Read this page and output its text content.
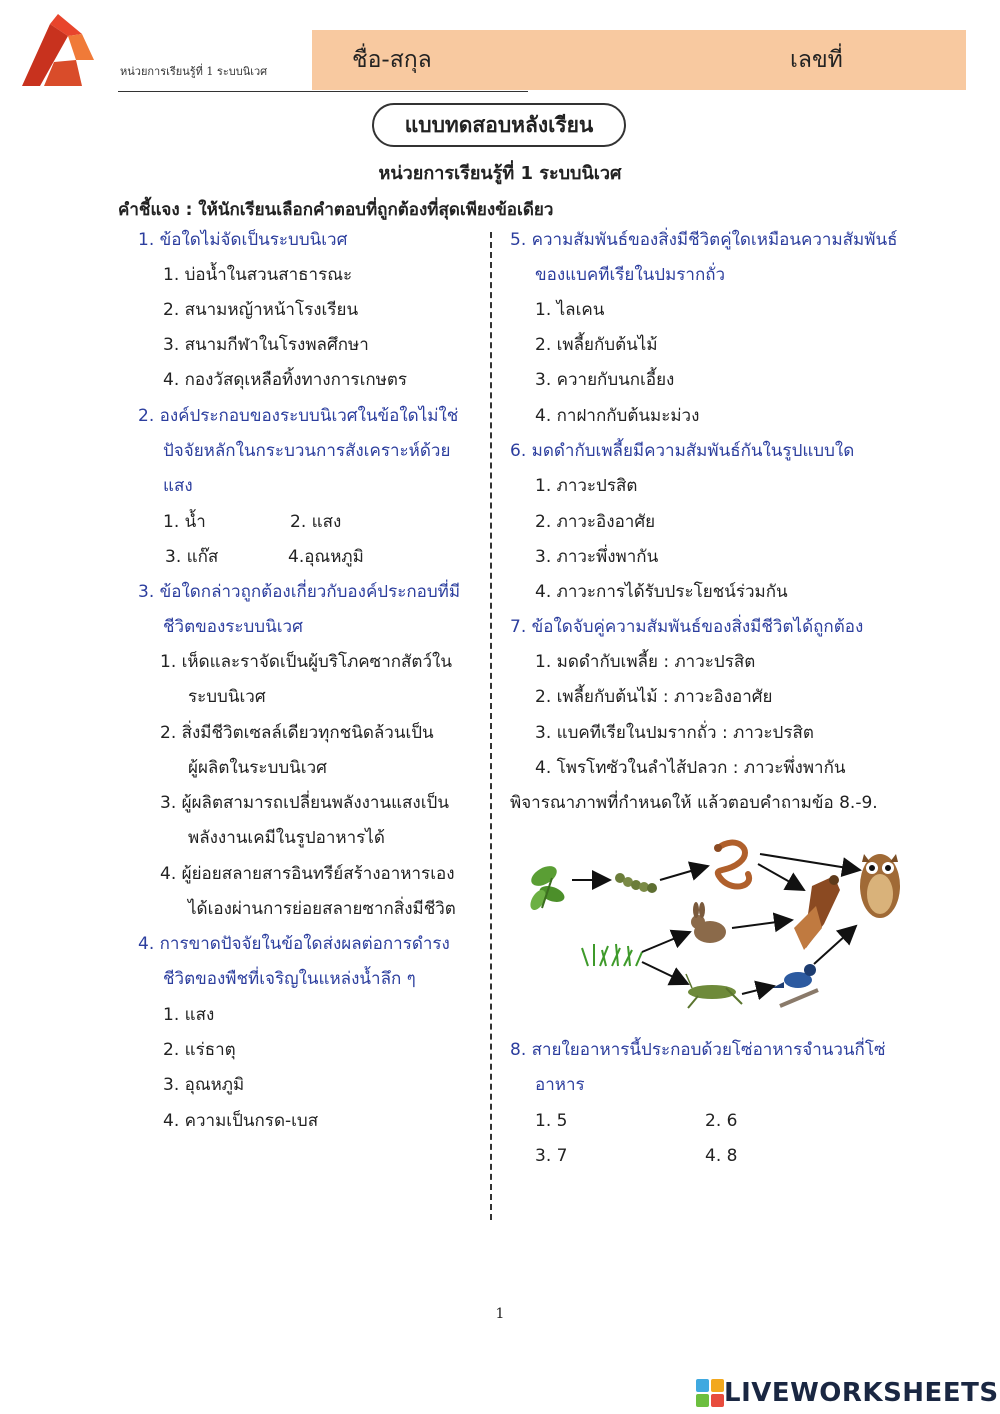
หน่วยการเรียนรู้ที่ 1 ระบบนิเวศ	ชื่อ-สกุล	เลขที่
แบบทดสอบหลังเรียน
หน่วยการเรียนรู้ที่ 1 ระบบนิเวศ
คำชี้แจง : ให้นักเรียนเลือกคำตอบที่ถูกต้องที่สุดเพียงข้อเดียว
1. ข้อใดไม่จัดเป็นระบบนิเวศ
1. บ่อน้ำในสวนสาธารณะ
2. สนามหญ้าหน้าโรงเรียน
3. สนามกีฬาในโรงพลศึกษา
4. กองวัสดุเหลือทิ้งทางการเกษตร
2. องค์ประกอบของระบบนิเวศในข้อใดไม่ใช่
ปัจจัยหลักในกระบวนการสังเคราะห์ด้วย
แสง
1. น้ำ	2. แสง
3. แก๊ส	4.อุณหภูมิ
3. ข้อใดกล่าวถูกต้องเกี่ยวกับองค์ประกอบที่มี
ชีวิตของระบบนิเวศ
1. เห็ดและราจัดเป็นผู้บริโภคซากสัตว์ใน
ระบบนิเวศ
2. สิ่งมีชีวิตเซลล์เดียวทุกชนิดล้วนเป็น
ผู้ผลิตในระบบนิเวศ
3. ผู้ผลิตสามารถเปลี่ยนพลังงานแสงเป็น
พลังงานเคมีในรูปอาหารได้
4. ผู้ย่อยสลายสารอินทรีย์สร้างอาหารเอง
ได้เองผ่านการย่อยสลายซากสิ่งมีชีวิต
4. การขาดปัจจัยในข้อใดส่งผลต่อการดำรง
ชีวิตของพืชที่เจริญในแหล่งน้ำลึก ๆ
1. แสง
2. แร่ธาตุ
3. อุณหภูมิ
4. ความเป็นกรด-เบส
5. ความสัมพันธ์ของสิ่งมีชีวิตคู่ใดเหมือนความสัมพันธ์
ของแบคทีเรียในปมรากถั่ว
1. ไลเคน
2. เพลี้ยกับต้นไม้
3. ควายกับนกเอี้ยง
4. กาฝากกับต้นมะม่วง
6. มดดำกับเพลี้ยมีความสัมพันธ์กันในรูปแบบใด
1. ภาวะปรสิต
2. ภาวะอิงอาศัย
3. ภาวะพึ่งพากัน
4. ภาวะการได้รับประโยชน์ร่วมกัน
7. ข้อใดจับคู่ความสัมพันธ์ของสิ่งมีชีวิตได้ถูกต้อง
1. มดดำกับเพลี้ย : ภาวะปรสิต
2. เพลี้ยกับต้นไม้ : ภาวะอิงอาศัย
3. แบคทีเรียในปมรากถั่ว : ภาวะปรสิต
4. โพรโทซัวในลำไส้ปลวก : ภาวะพึ่งพากัน
พิจารณาภาพที่กำหนดให้ แล้วตอบคำถามข้อ 8.-9.
8. สายใยอาหารนี้ประกอบด้วยโซ่อาหารจำนวนกี่โซ่
อาหาร
1. 5	2. 6
3. 7	4. 8
1
LIVEWORKSHEETS
